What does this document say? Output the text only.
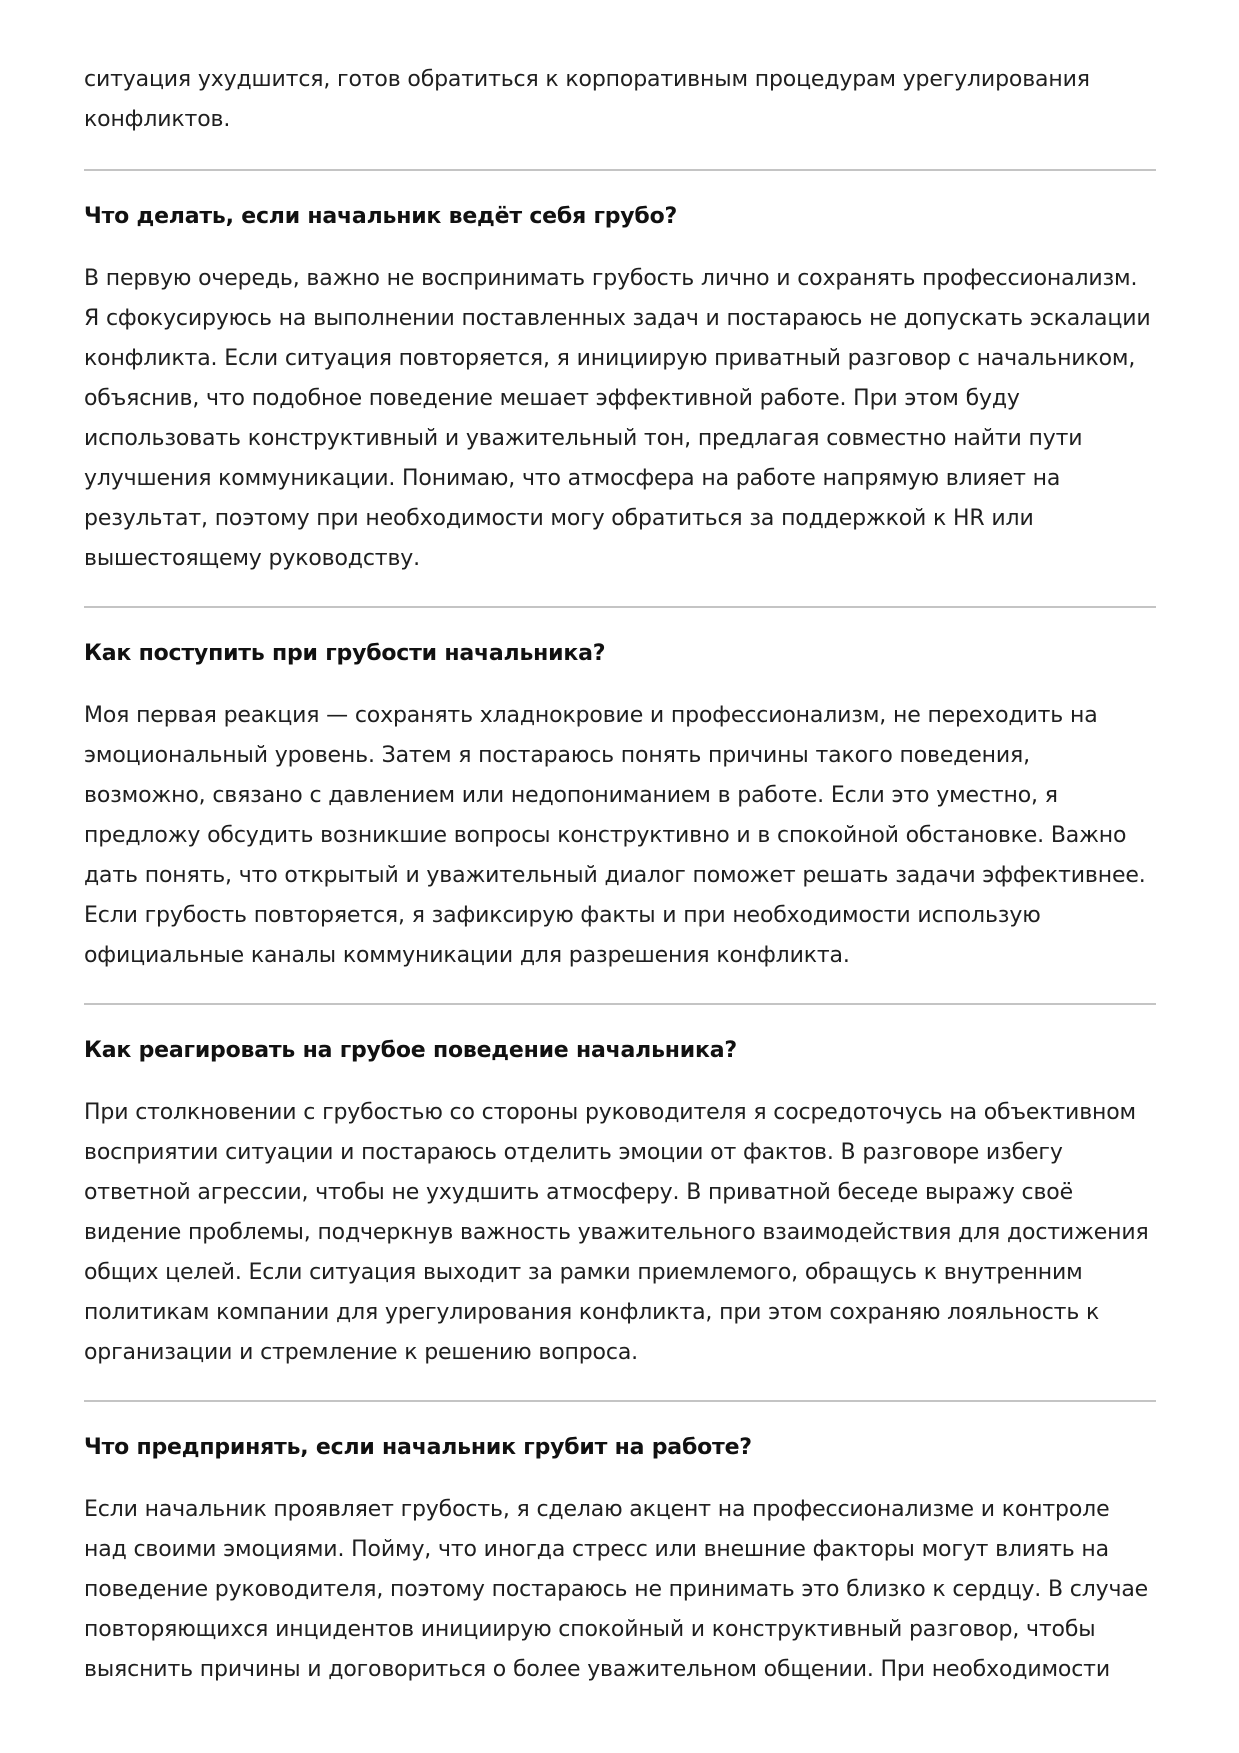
ситуация ухудшится, готов обратиться к корпоративным процедурам урегулирования конфликтов.

Что делать, если начальник ведёт себя грубо?

В первую очередь, важно не воспринимать грубость лично и сохранять профессионализм. Я сфокусируюсь на выполнении поставленных задач и постараюсь не допускать эскалации конфликта. Если ситуация повторяется, я инициирую приватный разговор с начальником, объяснив, что подобное поведение мешает эффективной работе. При этом буду использовать конструктивный и уважительный тон, предлагая совместно найти пути улучшения коммуникации. Понимаю, что атмосфера на работе напрямую влияет на результат, поэтому при необходимости могу обратиться за поддержкой к HR или вышестоящему руководству.

Как поступить при грубости начальника?

Моя первая реакция — сохранять хладнокровие и профессионализм, не переходить на эмоциональный уровень. Затем я постараюсь понять причины такого поведения, возможно, связано с давлением или недопониманием в работе. Если это уместно, я предложу обсудить возникшие вопросы конструктивно и в спокойной обстановке. Важно дать понять, что открытый и уважительный диалог поможет решать задачи эффективнее. Если грубость повторяется, я зафиксирую факты и при необходимости использую официальные каналы коммуникации для разрешения конфликта.

Как реагировать на грубое поведение начальника?

При столкновении с грубостью со стороны руководителя я сосредоточусь на объективном восприятии ситуации и постараюсь отделить эмоции от фактов. В разговоре избегу ответной агрессии, чтобы не ухудшить атмосферу. В приватной беседе выражу своё видение проблемы, подчеркнув важность уважительного взаимодействия для достижения общих целей. Если ситуация выходит за рамки приемлемого, обращусь к внутренним политикам компании для урегулирования конфликта, при этом сохраняю лояльность к организации и стремление к решению вопроса.

Что предпринять, если начальник грубит на работе?

Если начальник проявляет грубость, я сделаю акцент на профессионализме и контроле над своими эмоциями. Пойму, что иногда стресс или внешние факторы могут влиять на поведение руководителя, поэтому постараюсь не принимать это близко к сердцу. В случае повторяющихся инцидентов инициирую спокойный и конструктивный разговор, чтобы выяснить причины и договориться о более уважительном общении. При необходимости
